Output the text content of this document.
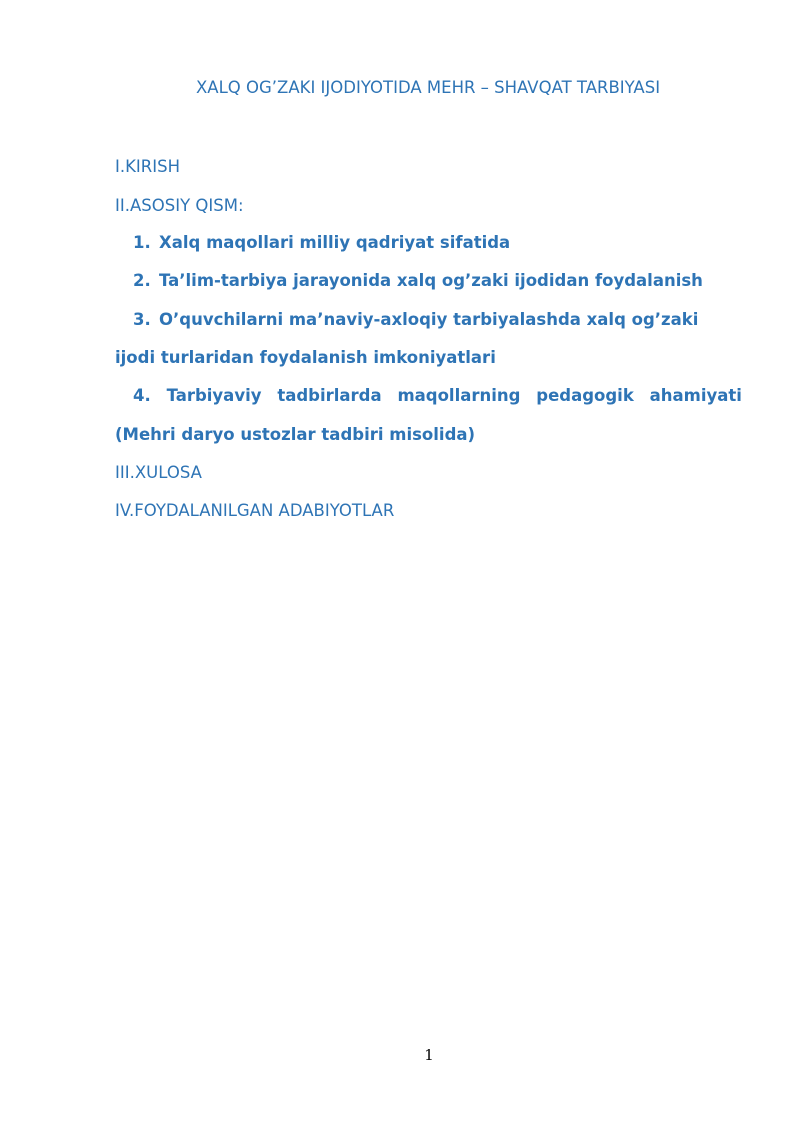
XALQ OG’ZAKI IJODIYOTIDA MEHR – SHAVQAT TARBIYASI
I.KIRISH
II.ASOSIY QISM:
1. Xalq maqollari milliy qadriyat sifatida
2. Ta’lim-tarbiya jarayonida xalq og’zaki ijodidan foydalanish
3. O’quvchilarni ma’naviy-axloqiy tarbiyalashda xalq og’zaki
ijodi turlaridan foydalanish imkoniyatlari
4. Tarbiyaviy tadbirlarda maqollarning pedagogik ahamiyati
(Mehri daryo ustozlar tadbiri misolida)
III.XULOSA
IV.FOYDALANILGAN ADABIYOTLAR
1
